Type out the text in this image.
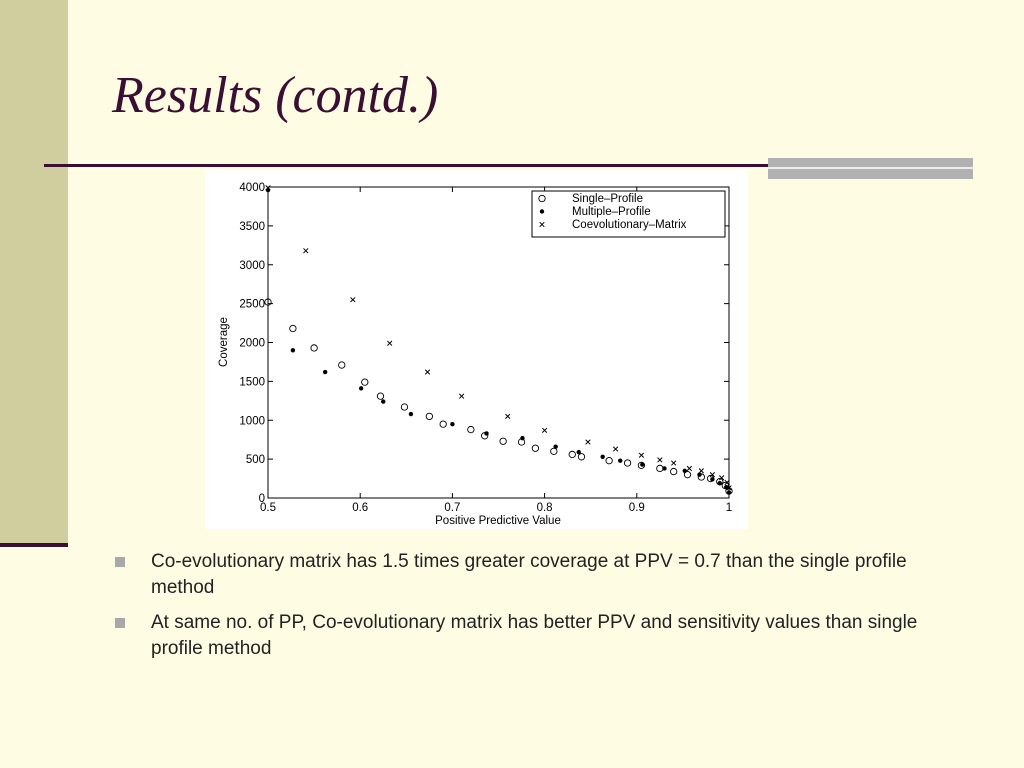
Results (contd.)
0.5	0.6	0.7	0.8	0.9	1
0
500
1000
1500
2000
2500
3000
3500
4000
Positive Predictive Value
Coverage
Single–Profile
Multiple–Profile
Coevolutionary–Matrix
Co-evolutionary matrix has 1.5 times greater coverage at PPV = 0.7 than the single profile method
At same no. of PP, Co-evolutionary matrix has better PPV and sensitivity values than single profile method
